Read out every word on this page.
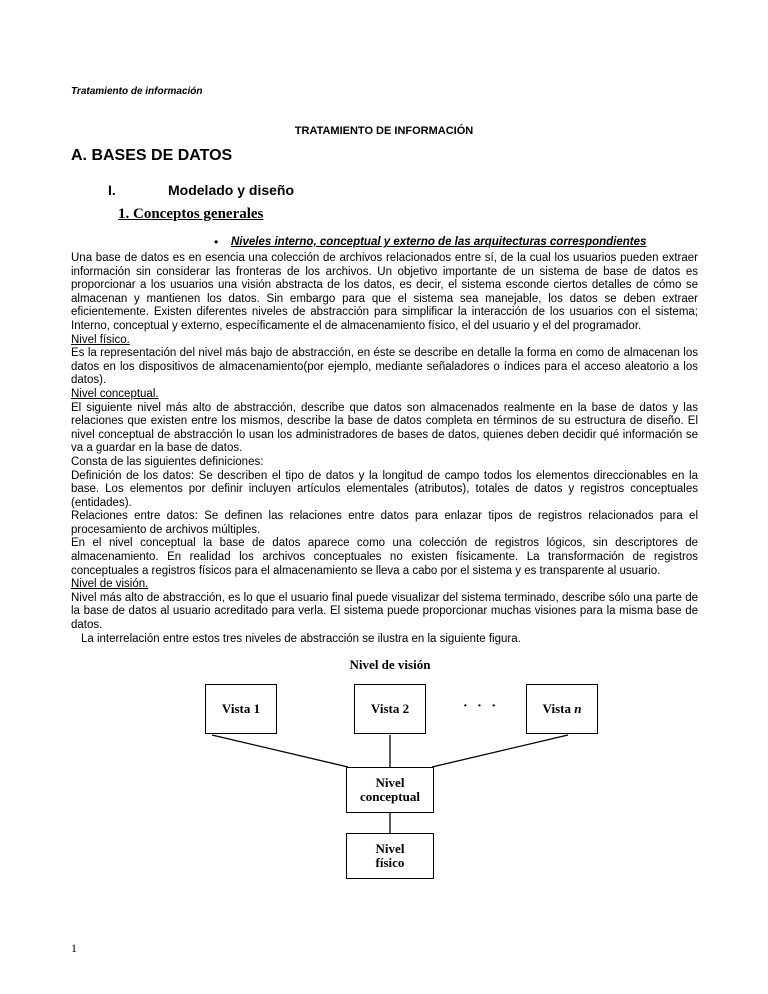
Tratamiento de información
TRATAMIENTO DE INFORMACIÓN
A. BASES DE DATOS
I.	Modelado y diseño
1. Conceptos generales
• Niveles interno, conceptual y externo de las arquitecturas correspondientes

Una base de datos es en esencia una colección de archivos relacionados entre sí, de la cual los usuarios pueden extraer información sin considerar las fronteras de los archivos. Un objetivo importante de un sistema de base de datos es proporcionar a los usuarios una visión abstracta de los datos, es decir, el sistema esconde ciertos detalles de cómo se almacenan y mantienen los datos. Sin embargo para que el sistema sea manejable, los datos se deben extraer eficientemente. Existen diferentes niveles de abstracción para simplificar la interacción de los usuarios con el sistema; Interno, conceptual y externo, específicamente el de almacenamiento físico, el del usuario y el del programador.

Nivel físico.

Es la representación del nivel más bajo de abstracción, en éste se describe en detalle la forma en como de almacenan los datos en los dispositivos de almacenamiento(por ejemplo, mediante señaladores o índices para el acceso aleatorio a los datos).

Nivel conceptual.

El siguiente nivel más alto de abstracción, describe que datos son almacenados realmente en la base de datos y las relaciones que existen entre los mismos, describe la base de datos completa en términos de su estructura de diseño. El nivel conceptual de abstracción lo usan los administradores de bases de datos, quienes deben decidir qué información se va a guardar en la base de datos.

Consta de las siguientes definiciones:

Definición de los datos: Se describen el tipo de datos y la longitud de campo todos los elementos direccionables en la base. Los elementos por definir incluyen artículos elementales (atributos), totales de datos y registros conceptuales (entidades).

Relaciones entre datos: Se definen las relaciones entre datos para enlazar tipos de registros relacionados para el procesamiento de archivos múltiples.

En el nivel conceptual la base de datos aparece como una colección de registros lógicos, sin descriptores de almacenamiento. En realidad los archivos conceptuales no existen físicamente. La transformación de registros conceptuales a registros físicos para el almacenamiento se lleva a cabo por el sistema y es transparente al usuario.

Nivel de visión.

Nivel más alto de abstracción, es lo que el usuario final puede visualizar del sistema terminado, describe sólo una parte de la base de datos al usuario acreditado para verla. El sistema puede proporcionar muchas visiones para la misma base de datos.

La interrelación entre estos tres niveles de abstracción se ilustra en la siguiente figura.

Nivel de visión
Vista 1	Vista 2	· · ·	Vista n
Nivel
conceptual
Nivel
físico
1
